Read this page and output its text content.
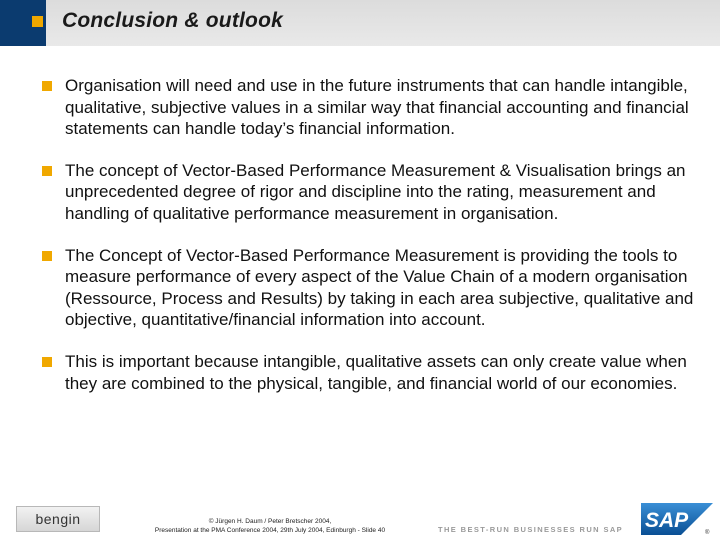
Conclusion & outlook
Organisation will need and use in the future instruments that can handle intangible, qualitative, subjective values in a similar way that financial accounting and financial statements can handle today’s financial information.
The concept of Vector-Based Performance Measurement & Visualisation brings an unprecedented degree of rigor and discipline into the rating, measurement and handling of qualitative performance measurement in organisation.
The Concept of Vector-Based Performance Measurement is providing the tools to measure performance of every aspect of the Value Chain of a modern organisation (Ressource, Process and Results) by taking in each area subjective, qualitative and objective, quantitative/financial information into account.
This is important because intangible, qualitative assets can only create value when they are combined to the physical, tangible, and financial world of our economies.
bengin	© Jürgen H. Daum / Peter Bretscher 2004,
Presentation at the PMA Conference 2004, 29th July 2004, Edinburgh - Slide 40	THE BEST-RUN BUSINESSES RUN SAP SAP
®
